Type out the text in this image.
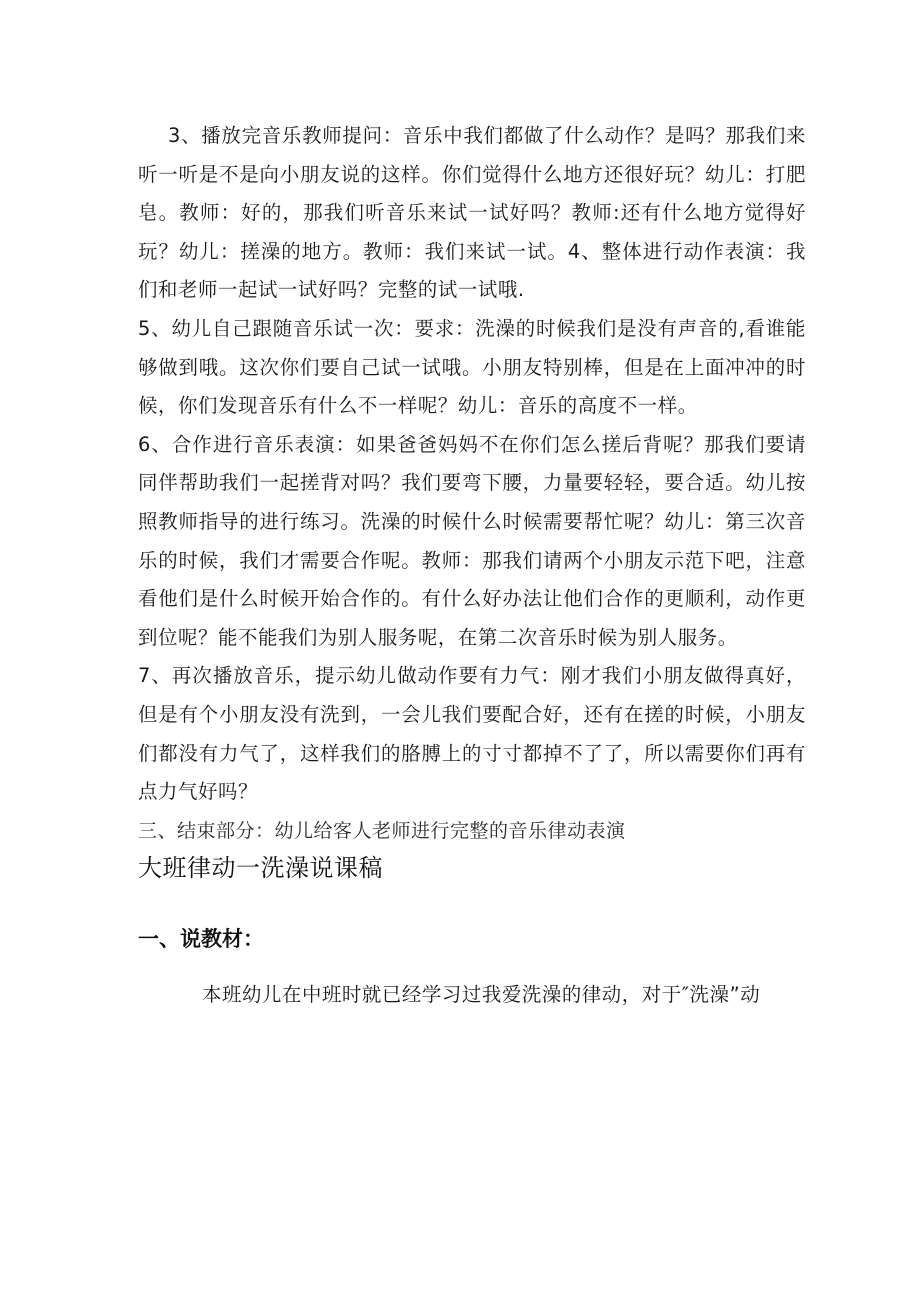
3、播放完音乐教师提问：音乐中我们都做了什么动作？是吗？那我们来听一听是不是向小朋友说的这样。你们觉得什么地方还很好玩？幼儿：打肥皂。教师：好的，那我们听音乐来试一试好吗？教师:还有什么地方觉得好玩？幼儿：搓澡的地方。教师：我们来试一试。4、整体进行动作表演：我们和老师一起试一试好吗？完整的试一试哦.

5、幼儿自己跟随音乐试一次：要求：洗澡的时候我们是没有声音的,看谁能够做到哦。这次你们要自己试一试哦。小朋友特别棒，但是在上面冲冲的时候，你们发现音乐有什么不一样呢？幼儿：音乐的高度不一样。

6、合作进行音乐表演：如果爸爸妈妈不在你们怎么搓后背呢？那我们要请同伴帮助我们一起搓背对吗？我们要弯下腰，力量要轻轻，要合适。幼儿按照教师指导的进行练习。洗澡的时候什么时候需要帮忙呢？幼儿：第三次音乐的时候，我们才需要合作呢。教师：那我们请两个小朋友示范下吧，注意看他们是什么时候开始合作的。有什么好办法让他们合作的更顺利，动作更到位呢？能不能我们为别人服务呢，在第二次音乐时候为别人服务。

7、再次播放音乐，提示幼儿做动作要有力气：刚才我们小朋友做得真好，但是有个小朋友没有洗到，一会儿我们要配合好，还有在搓的时候，小朋友们都没有力气了，这样我们的胳膊上的寸寸都掉不了了，所以需要你们再有点力气好吗？

三、结束部分：幼儿给客人老师进行完整的音乐律动表演

大班律动一洗澡说课稿
一、说教材：

本班幼儿在中班时就已经学习过我爱洗澡的律动，对于″洗澡”动
